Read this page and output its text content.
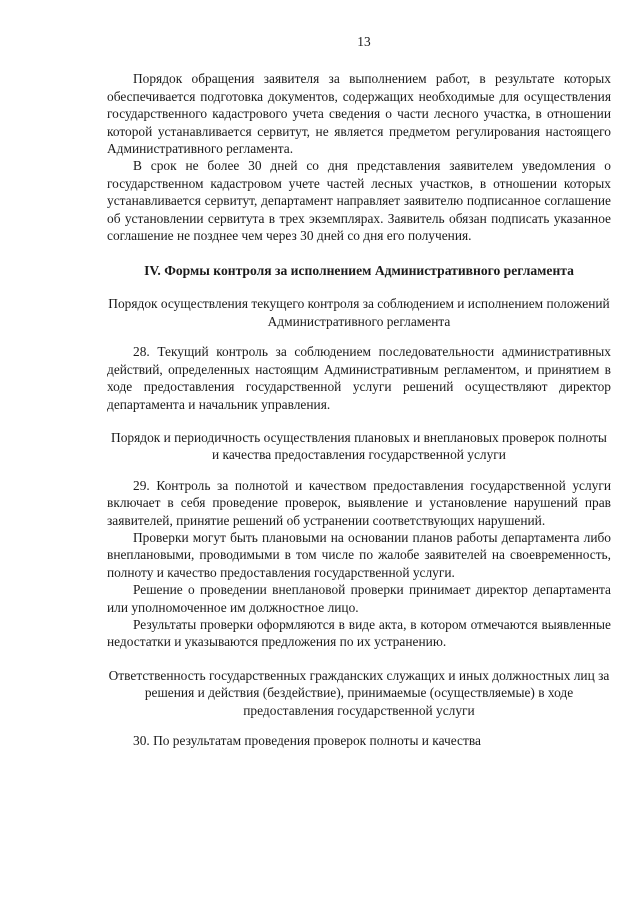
13

Порядок обращения заявителя за выполнением работ, в результате которых обеспечивается подготовка документов, содержащих необходимые для осуществления государственного кадастрового учета сведения о части лесного участка, в отношении которой устанавливается сервитут, не является предметом регулирования настоящего Административного регламента.

В срок не более 30 дней со дня представления заявителем уведомления о государственном кадастровом учете частей лесных участков, в отношении которых устанавливается сервитут, департамент направляет заявителю подписанное соглашение об установлении сервитута в трех экземплярах. Заявитель обязан подписать указанное соглашение не позднее чем через 30 дней со дня его получения.

IV. Формы контроля за исполнением Административного регламента
Порядок осуществления текущего контроля за соблюдением и исполнением положений Административного регламента

28. Текущий контроль за соблюдением последовательности административных действий, определенных настоящим Административным регламентом, и принятием в ходе предоставления государственной услуги решений осуществляют директор департамента и начальник управления.

Порядок и периодичность осуществления плановых и внеплановых проверок полноты и качества предоставления государственной услуги

29. Контроль за полнотой и качеством предоставления государственной услуги включает в себя проведение проверок, выявление и установление нарушений прав заявителей, принятие решений об устранении соответствующих нарушений.

Проверки могут быть плановыми на основании планов работы департамента либо внеплановыми, проводимыми в том числе по жалобе заявителей на своевременность, полноту и качество предоставления государственной услуги.

Решение о проведении внеплановой проверки принимает директор департамента или уполномоченное им должностное лицо.

Результаты проверки оформляются в виде акта, в котором отмечаются выявленные недостатки и указываются предложения по их устранению.

Ответственность государственных гражданских служащих и иных должностных лиц за решения и действия (бездействие), принимаемые (осуществляемые) в ходе предоставления государственной услуги

30. По результатам проведения проверок полноты и качества
